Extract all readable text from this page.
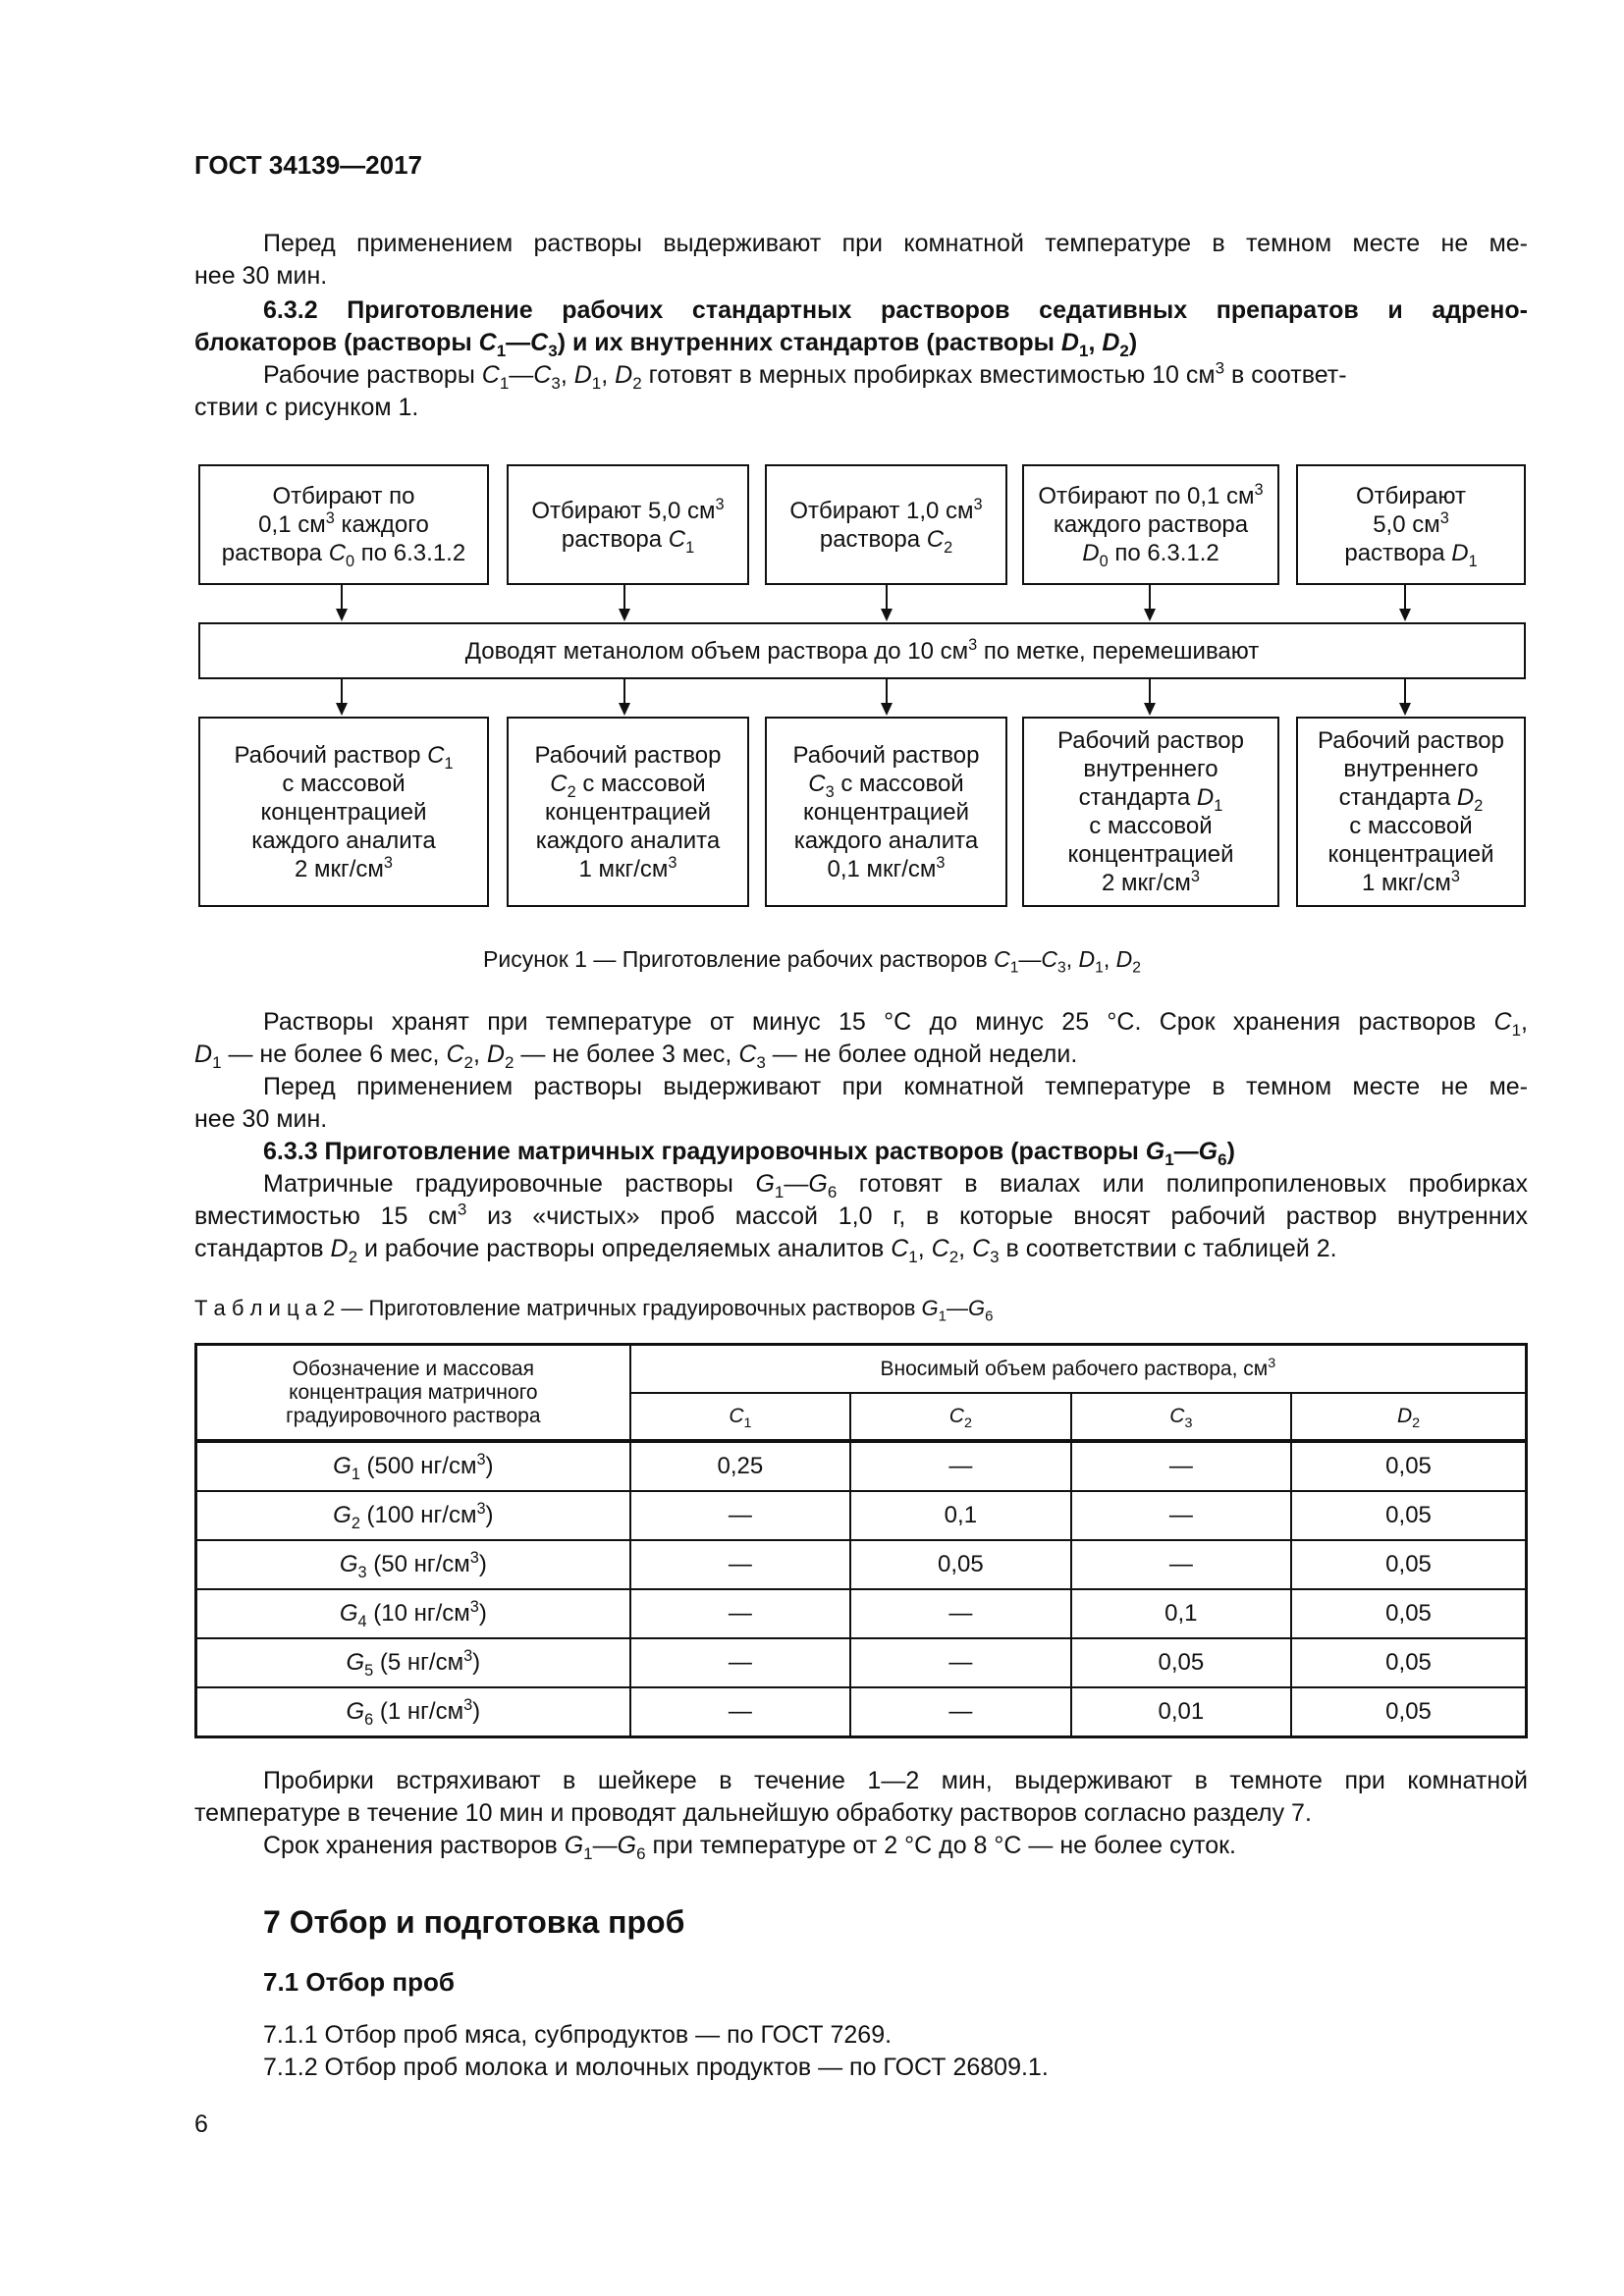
ГОСТ 34139—2017
Перед применением растворы выдерживают при комнатной температуре в темном месте не ме-
нее 30 мин.
6.3.2 Приготовление рабочих стандартных растворов седативных препаратов и адрено-
блокаторов (растворы $C_1—C_3$) и их внутренних стандартов (растворы $D_1$, $D_2$)
Рабочие растворы $C_1—C_3$, $D_1$, $D_2$ готовят в мерных пробирках вместимостью 10 $см^3$ в соответ-
ствии с рисунком 1.
Отбирают по
0,1 $см^3$ каждого
раствора $C_0$ по 6.3.1.2
Отбирают 5,0 $см^3$
раствора $C_1$
Отбирают 1,0 $см^3$
раствора $C_2$
Отбирают по 0,1 $см^3$
каждого раствора
$D_0$ по 6.3.1.2
Отбирают
5,0 $см^3$
раствора $D_1$
Доводят метанолом объем раствора до 10 $см^3$ по метке, перемешивают
Рабочий раствор $C_1$
с массовой
концентрацией
каждого аналита
2 мкг/$см^3$
Рабочий раствор
$C_2$ с массовой
концентрацией
каждого аналита
1 мкг/$см^3$
Рабочий раствор
$C_3$ с массовой
концентрацией
каждого аналита
0,1 мкг/$см^3$
Рабочий раствор
внутреннего
стандарта $D_1$
с массовой
концентрацией
2 мкг/$см^3$
Рабочий раствор
внутреннего
стандарта $D_2$
с массовой
концентрацией
1 мкг/$см^3$
Рисунок 1 — Приготовление рабочих растворов $C_1—C_3$, $D_1$, $D_2$
Растворы хранят при температуре от минус 15 °С до минус 25 °С. Срок хранения растворов $C_1$,
$D_1$ — не более 6 мес, $C_2$, $D_2$ — не более 3 мес, $C_3$ — не более одной недели.
Перед применением растворы выдерживают при комнатной температуре в темном месте не ме-
нее 30 мин.
6.3.3 Приготовление матричных градуировочных растворов (растворы $G_1—G_6$)
Матричные градуировочные растворы $G_1—G_6$ готовят в виалах или полипропиленовых пробирках
вместимостью 15 $см^3$ из «чистых» проб массой 1,0 г, в которые вносят рабочий раствор внутренних
стандартов $D_2$ и рабочие растворы определяемых аналитов $C_1$, $C_2$, $C_3$ в соответствии с таблицей 2.
Т а б л и ц а 2 — Приготовление матричных градуировочных растворов $G_1—G_6$
Обозначение и массовая
концентрация матричного
градуировочного раствора	Вносимый объем рабочего раствора, $см^3$
	$C_1$	$C_2$	$C_3$	$D_2$
$G_1$ (500 $нг/см^3$)	0,25	—	—	0,05
$G_2$ (100 $нг/см^3$)	—	0,1	—	0,05
$G_3$ (50 $нг/см^3$)	—	0,05	—	0,05
$G_4$ (10 $нг/см^3$)	—	—	0,1	0,05
$G_5$ (5 $нг/см^3$)	—	—	0,05	0,05
$G_6$ (1 $нг/см^3$)	—	—	0,01	0,05
Пробирки встряхивают в шейкере в течение 1—2 мин, выдерживают в темноте при комнатной
температуре в течение 10 мин и проводят дальнейшую обработку растворов согласно разделу 7.
Срок хранения растворов $G_1—G_6$ при температуре от 2 °С до 8 °С — не более суток.
7 Отбор и подготовка проб
7.1 Отбор проб
7.1.1 Отбор проб мяса, субпродуктов — по ГОСТ 7269.
7.1.2 Отбор проб молока и молочных продуктов — по ГОСТ 26809.1.
6
